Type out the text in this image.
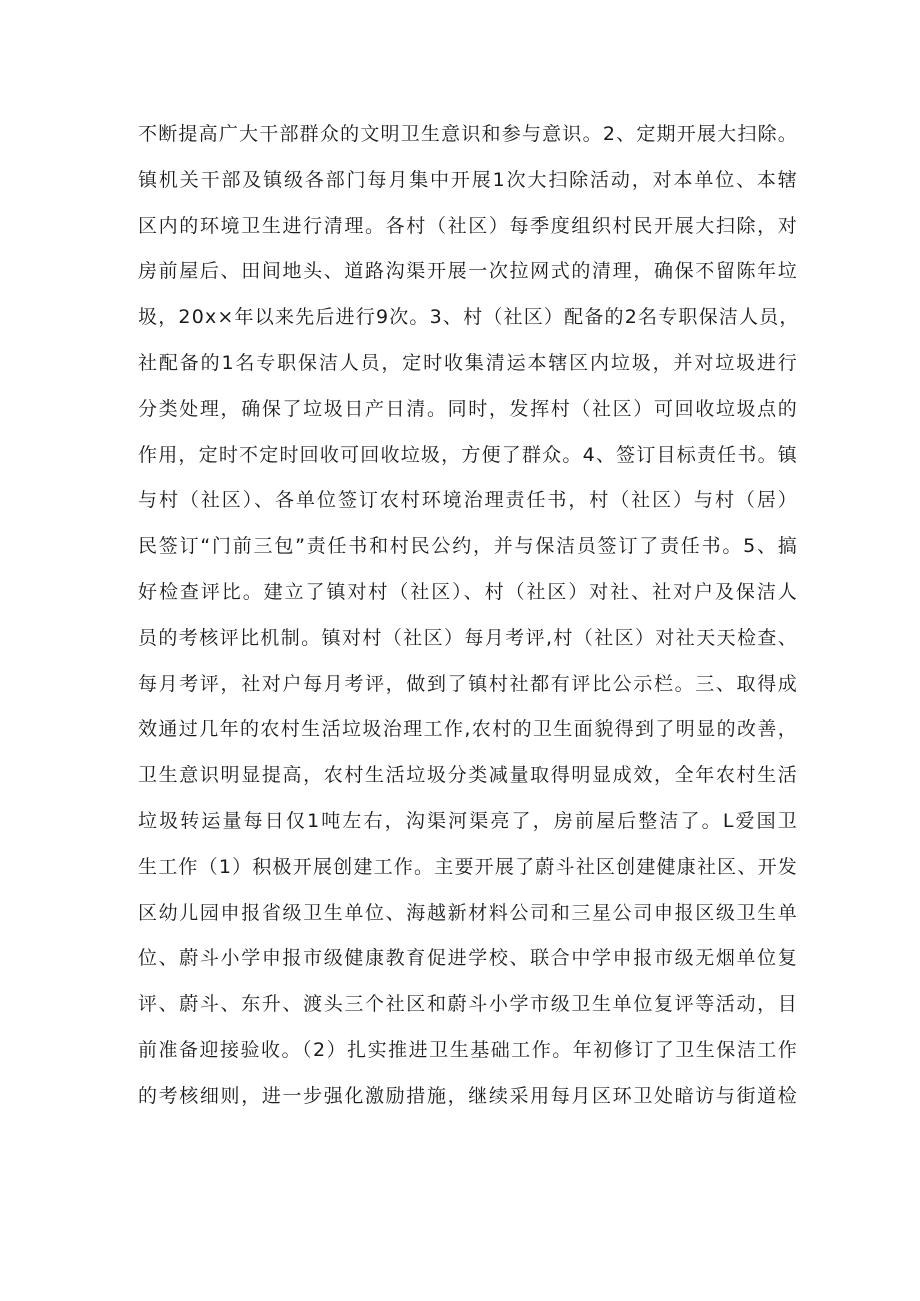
不断提高广大干部群众的文明卫生意识和参与意识。2、定期开展大扫除。
镇机关干部及镇级各部门每月集中开展1次大扫除活动，对本单位、本辖
区内的环境卫生进行清理。各村（社区）每季度组织村民开展大扫除，对
房前屋后、田间地头、道路沟渠开展一次拉网式的清理，确保不留陈年垃
圾，20x×年以来先后进行9次。3、村（社区）配备的2名专职保洁人员，
社配备的1名专职保洁人员，定时收集清运本辖区内垃圾，并对垃圾进行
分类处理，确保了垃圾日产日清。同时，发挥村（社区）可回收垃圾点的
作用，定时不定时回收可回收垃圾，方便了群众。4、签订目标责任书。镇
与村（社区）、各单位签订农村环境治理责任书，村（社区）与村（居）
民签订“门前三包”责任书和村民公约，并与保洁员签订了责任书。5、搞
好检查评比。建立了镇对村（社区）、村（社区）对社、社对户及保洁人
员的考核评比机制。镇对村（社区）每月考评,村（社区）对社天天检查、
每月考评，社对户每月考评，做到了镇村社都有评比公示栏。三、取得成
效通过几年的农村生活垃圾治理工作,农村的卫生面貌得到了明显的改善，
卫生意识明显提高，农村生活垃圾分类减量取得明显成效，全年农村生活
垃圾转运量每日仅1吨左右，沟渠河渠亮了，房前屋后整洁了。L爱国卫
生工作（1）积极开展创建工作。主要开展了蔚斗社区创建健康社区、开发
区幼儿园申报省级卫生单位、海越新材料公司和三星公司申报区级卫生单
位、蔚斗小学申报市级健康教育促进学校、联合中学申报市级无烟单位复
评、蔚斗、东升、渡头三个社区和蔚斗小学市级卫生单位复评等活动，目
前准备迎接验收。（2）扎实推进卫生基础工作。年初修订了卫生保洁工作
的考核细则，进一步强化激励措施，继续采用每月区环卫处暗访与街道检
